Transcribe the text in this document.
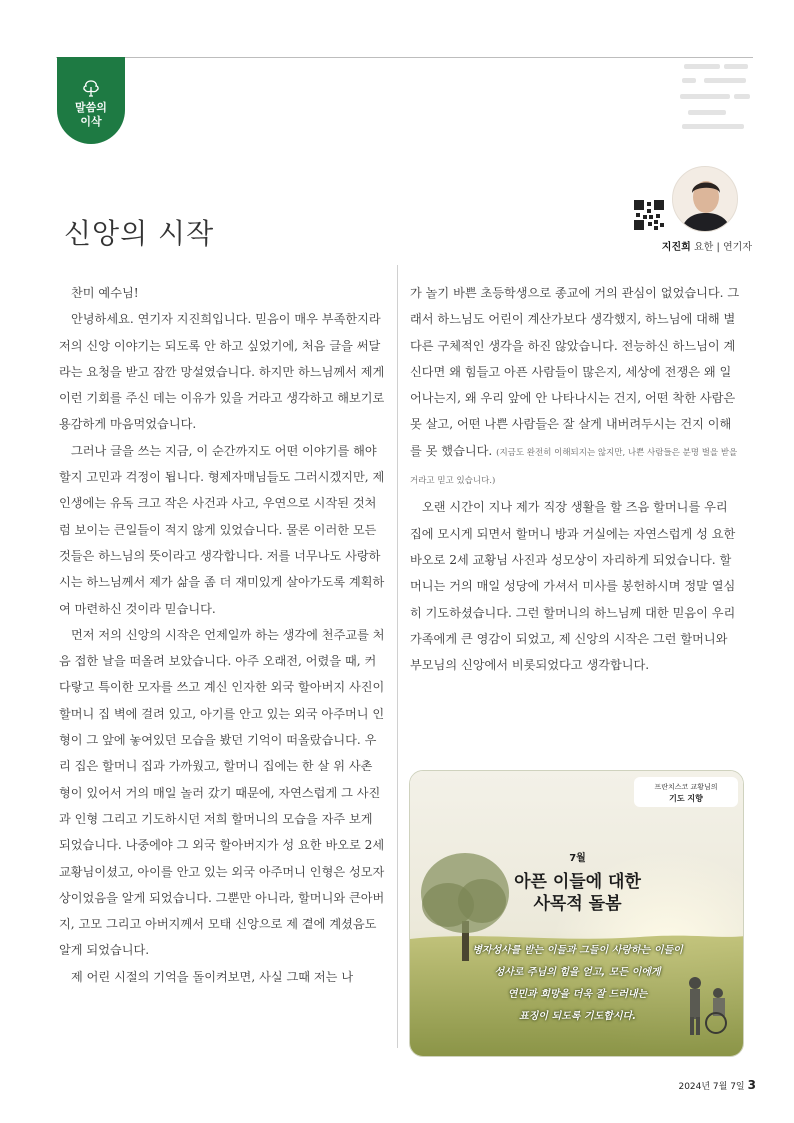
말씀의
이삭
신앙의 시작	지진희 요한 | 연기자

찬미 예수님!

안녕하세요. 연기자 지진희입니다. 믿음이 매우 부족한지라 저의 신앙 이야기는 되도록 안 하고 싶었기에, 처음 글을 써달라는 요청을 받고 잠깐 망설였습니다. 하지만 하느님께서 제게 이런 기회를 주신 데는 이유가 있을 거라고 생각하고 해보기로 용감하게 마음먹었습니다.

그러나 글을 쓰는 지금, 이 순간까지도 어떤 이야기를 해야 할지 고민과 걱정이 됩니다. 형제자매님들도 그러시겠지만, 제 인생에는 유독 크고 작은 사건과 사고, 우연으로 시작된 것처럼 보이는 큰일들이 적지 않게 있었습니다. 물론 이러한 모든 것들은 하느님의 뜻이라고 생각합니다. 저를 너무나도 사랑하시는 하느님께서 제가 삶을 좀 더 재미있게 살아가도록 계획하여 마련하신 것이라 믿습니다.

먼저 저의 신앙의 시작은 언제일까 하는 생각에 천주교를 처음 접한 날을 떠올려 보았습니다. 아주 오래전, 어렸을 때, 커다랗고 특이한 모자를 쓰고 계신 인자한 외국 할아버지 사진이 할머니 집 벽에 걸려 있고, 아기를 안고 있는 외국 아주머니 인형이 그 앞에 놓여있던 모습을 봤던 기억이 떠올랐습니다. 우리 집은 할머니 집과 가까웠고, 할머니 집에는 한 살 위 사촌 형이 있어서 거의 매일 놀러 갔기 때문에, 자연스럽게 그 사진과 인형 그리고 기도하시던 저희 할머니의 모습을 자주 보게 되었습니다. 나중에야 그 외국 할아버지가 성 요한 바오로 2세 교황님이셨고, 아이를 안고 있는 외국 아주머니 인형은 성모자상이었음을 알게 되었습니다. 그뿐만 아니라, 할머니와 큰아버지, 고모 그리고 아버지께서 모태 신앙으로 제 곁에 계셨음도 알게 되었습니다.

제 어린 시절의 기억을 돌이켜보면, 사실 그때 저는 나

가 놀기 바쁜 초등학생으로 종교에 거의 관심이 없었습니다. 그래서 하느님도 어린이 계산가보다 생각했지, 하느님에 대해 별다른 구체적인 생각을 하진 않았습니다. 전능하신 하느님이 계신다면 왜 힘들고 아픈 사람들이 많은지, 세상에 전쟁은 왜 일어나는지, 왜 우리 앞에 안 나타나시는 건지, 어떤 착한 사람은 못 살고, 어떤 나쁜 사람들은 잘 살게 내버려두시는 건지 이해를 못 했습니다. (지금도 완전히 이해되지는 않지만, 나쁜 사람들은 분명 벌을 받을 거라고 믿고 있습니다.)

오랜 시간이 지나 제가 직장 생활을 할 즈음 할머니를 우리 집에 모시게 되면서 할머니 방과 거실에는 자연스럽게 성 요한 바오로 2세 교황님 사진과 성모상이 자리하게 되었습니다. 할머니는 거의 매일 성당에 가셔서 미사를 봉헌하시며 정말 열심히 기도하셨습니다. 그런 할머니의 하느님께 대한 믿음이 우리 가족에게 큰 영감이 되었고, 제 신앙의 시작은 그런 할머니와 부모님의 신앙에서 비롯되었다고 생각합니다.

프란치스코 교황님의
기도 지향
7월
아픈 이들에 대한
사목적 돌봄
병자성사를 받는 이들과 그들이 사랑하는 이들이
성사로 주님의 힘을 얻고, 모든 이에게
연민과 희망을 더욱 잘 드러내는
표징이 되도록 기도합시다.
2024년 7월 7일 3
